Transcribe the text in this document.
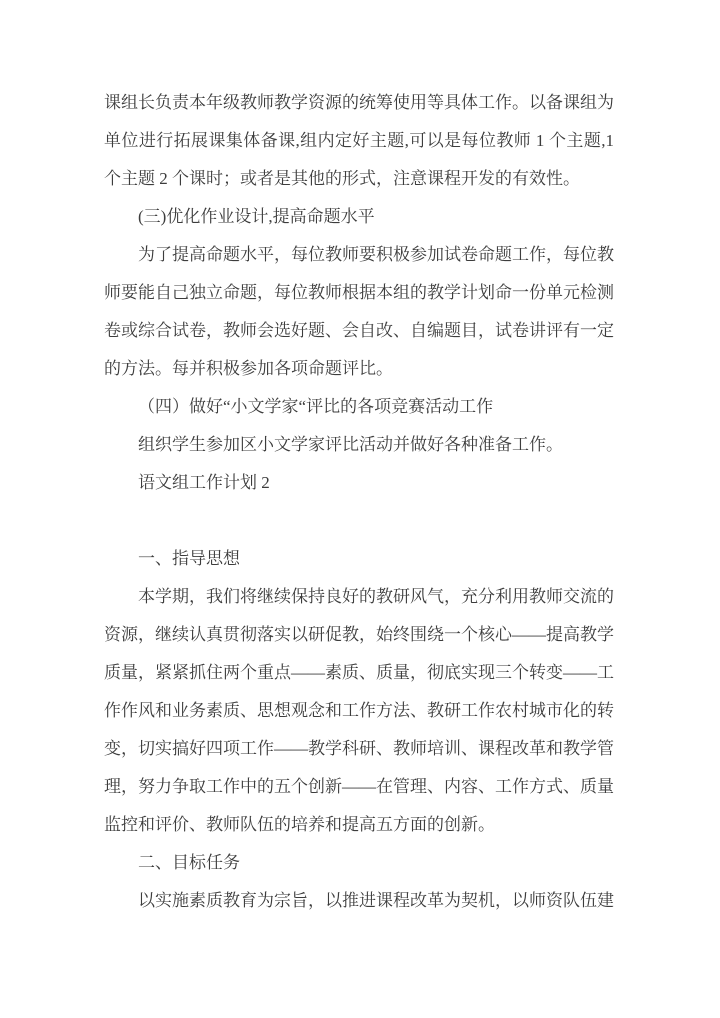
课组长负责本年级教师教学资源的统筹使用等具体工作。以备课组为单位进行拓展课集体备课,组内定好主题,可以是每位教师 1 个主题,1 个主题 2 个课时；或者是其他的形式，注意课程开发的有效性。

(三)优化作业设计,提高命题水平

为了提高命题水平，每位教师要积极参加试卷命题工作，每位教师要能自己独立命题，每位教师根据本组的教学计划命一份单元检测卷或综合试卷，教师会选好题、会自改、自编题目，试卷讲评有一定的方法。每并积极参加各项命题评比。

（四）做好“小文学家“评比的各项竞赛活动工作

组织学生参加区小文学家评比活动并做好各种准备工作。

语文组工作计划 2

一、指导思想

本学期，我们将继续保持良好的教研风气，充分利用教师交流的资源，继续认真贯彻落实以研促教，始终围绕一个核心——提高教学质量，紧紧抓住两个重点——素质、质量，彻底实现三个转变——工作作风和业务素质、思想观念和工作方法、教研工作农村城市化的转变，切实搞好四项工作——教学科研、教师培训、课程改革和教学管理，努力争取工作中的五个创新——在管理、内容、工作方式、质量监控和评价、教师队伍的培养和提高五方面的创新。

二、目标任务

以实施素质教育为宗旨，以推进课程改革为契机，以师资队伍建
